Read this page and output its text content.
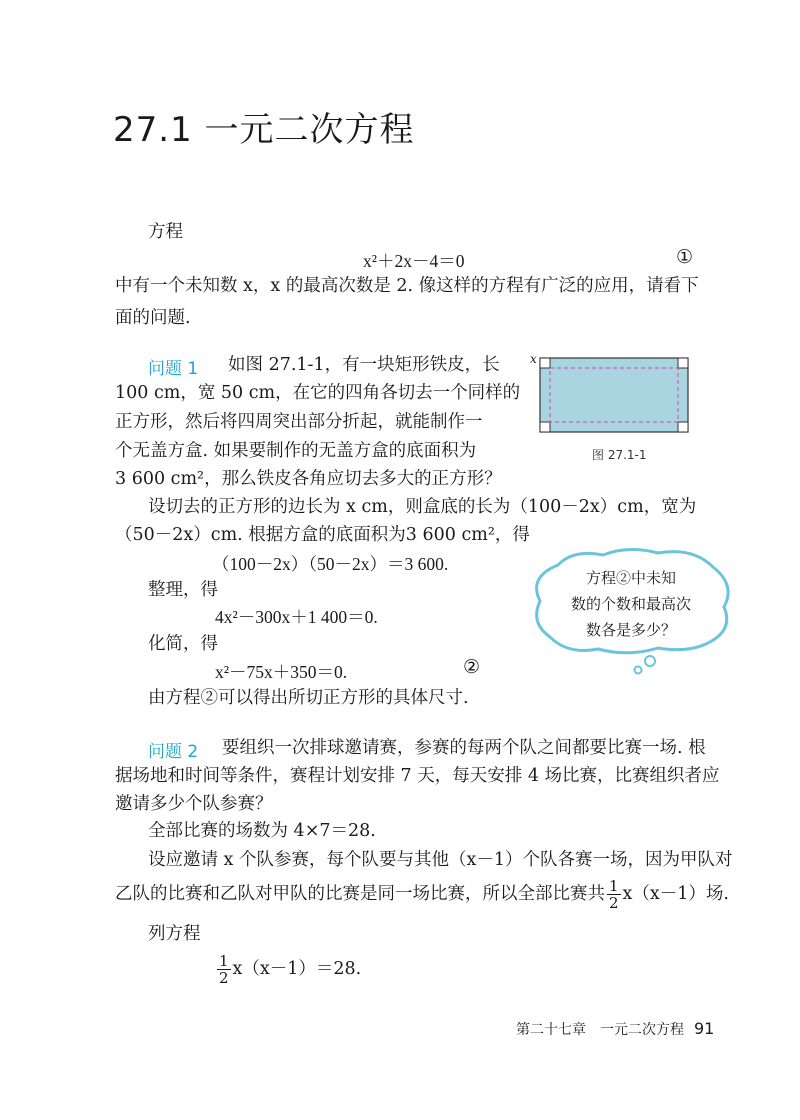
27.1 一元二次方程
方程
x²＋2x－4＝0	①
中有一个未知数 x，x 的最高次数是 2. 像这样的方程有广泛的应用，请看下
面的问题.
问题 1 如图 27.1-1，有一块矩形铁皮，长
100 cm，宽 50 cm，在它的四角各切去一个同样的
正方形，然后将四周突出部分折起，就能制作一
个无盖方盒. 如果要制作的无盖方盒的底面积为
3 600 cm²，那么铁皮各角应切去多大的正方形？
x
图 27.1-1
设切去的正方形的边长为 x cm，则盒底的长为（100－2x）cm，宽为
（50－2x）cm. 根据方盒的底面积为3 600 cm²，得
（100－2x）（50－2x）＝3 600.
整理，得
4x²－300x＋1 400＝0.
化简，得
x²－75x＋350＝0.	②
由方程②可以得出所切正方形的具体尺寸.
方程②中未知
数的个数和最高次
数各是多少？
问题 2 要组织一次排球邀请赛，参赛的每两个队之间都要比赛一场. 根
据场地和时间等条件，赛程计划安排 7 天，每天安排 4 场比赛，比赛组织者应
邀请多少个队参赛？
全部比赛的场数为 4×7＝28.
设应邀请 x 个队参赛，每个队要与其他（x－1）个队各赛一场，因为甲队对
乙队的比赛和乙队对甲队的比赛是同一场比赛，所以全部比赛共 $\frac{1}{2} x(x-1)$场.
列方程
$\frac{1}{2} x(x-1)=28$.
第二十七章　一元二次方程 91
